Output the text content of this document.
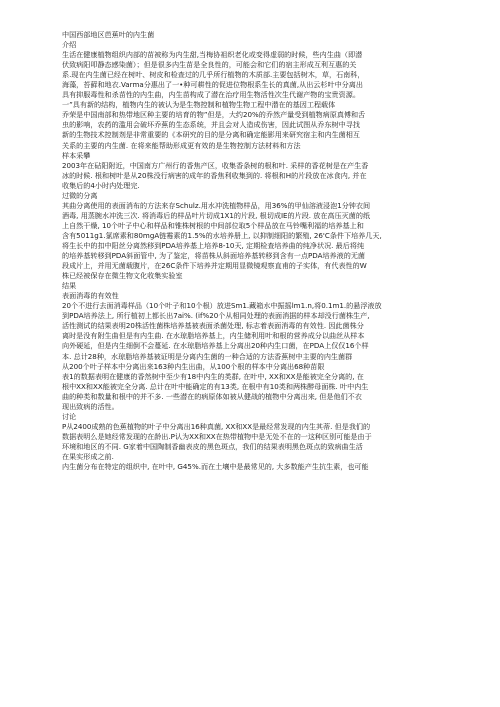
中国西部地区芭蕉叶的内生菌
介绍
生活在健康植物组织内部的苗被称为内生甜,当梅协祖织老化或变得虚弱的时候，些内生曲（即潜
伏致病阳叩静态感染菌）；但是很多内生苗是全良性的，可能会和它们的宿主形成互利互惠的关
系.现在内生菌已经在树叶、树皮和检查过的几乎所行植物的木质部.主要包括树木，草，石南科，
海藻，苔藓和地衣.Varma分惠出了一•种可耕性的促进位物根系生长的真菌,从出云杉叶中分离出
具有抑服毒性和杀苗性的内生曲，内生苗构成了潜在治疗用生物活性次生代谢产物的宝贵资源。
一”具有新的结构，植物内生的被认为是生物控制和植物生物工程中潜在的基因工程载体
乔荣是中国南部和热带地区种主要的培育的物”但是，大约20%的乔然产量受到植物病原真傅和舌
虫的影响，农药的滥用会破坏乔蕉的生态系统，并且会对人造成伤害，因此试图从乔东树中寻找
新的生物技术控制剂是非常重要的《本研究的目的是分离和确定能影用来研究宿主和内生菌相互
关系的主要的内生菌. 在将来能帮助形成更有效的是生物控制方法材料和方法
样本采攀
2003年在砧阳附近，中国南方广州行的香焦产区，收集香条树的根和叶. 采样的香花树是在产生香
冰的时候. 根和树叶是从20株没行病害的成年的香焦利收集到的. 将根和H的片段放在冰食内, 并在
收集后的4小时内处理完.
过微的分离
其曲分离使用的表面消布的方法来存Schulz.用水冲洗植物样品，用36%的甲仙溶液浸泡1分钟衣间
酒毒, 用蒸腕水冲洗三次. 将消毒后的样品叶片切成1X1的片段, 根切成IE的片段. 放在高压灭菌的纸
上自然干燥, 10个叶子中心和样品和锥株树根的中间部位取5个样品放在马铃嘴利福的培养基上和
含有5011g1.氯席素和80mgA链霉素的1.5%的水培养册上, 以抑制细阳的繁殖, 26'C条件下培养几天,
将生长中的扣中阳丝分离然移到PDA培养基上培养8-10天, 定期检查培养曲的纯净状况. 最后将纯
的培养基转移到PDA斜面管中, 为了鉴定，将苗株从斜面培养基转移到含有一点PDA培养液的无菌
段成片上，并用无菌载腹片，在26C条件下培养并定期用显微镜观察直甫的子实体，有代表性的W
株已经被保存在微生物文化收集实验室
结果
表面消毒的有效性
20个不进行去面消毒样品（10个叶子和10个根）放进Sm1.藏箱水中振摇lm1.n,将0.1m1.的悬浮液放
到PDA培养法上, 所行植初上都长出7ai%. (if%20个从相同处理的表面消据的样本却没行菌株生产,
活性测试的结果表明20株活性菌株培养基被表面杀菌处理, 标志着表面消毒的有效性. 因此菌株分
离时是没有附生曲但是有内生曲. 在水琼脂培养基上，内生储利用叶和根的营养成分以曲丝从样本
向外硬延，但是内生细倒不会蔓延. 在水琼脂培养基上分离出20种内生口菌，在PDA上仅仅16个样
本. 总计28种，水琼脂培养基被证明是分离内生菌的一种合适的方法香蕉树中主要的内生菌群
从200个叶子样本中分离出来163种内生出曲，从100个根的样本中分离出68种苗限
表1的数据表明在健康的香然树中至少有18中内生的类群, 在叶中, XX和XX是能被完全分离的, 在
根中XX和XX能被完全分离. 总计在叶中能确定的有13类, 在根中有10类和两株醉母面株. 叶中内生
曲的种类和数量和根中的并不多. 一些潜在的病原体如被从健战的植物中分离出来, 但是他们不衣
现出致病的活性。
讨论
P从2400成熟的色蕉植物的叶子中分离出16种真菌, XX和XX是最经常发现的内生其蒂. 但是我们的
数据表明么是她经常发现的在龄出.P认为XX和XX在热带植物中是无处不在的一这种区别可能是由于
环境和地区的不同. G家着中国陶制香幽表皮的黑色斑点，我们的结果表明黑色斑点的致病曲生活
在果实形成之前.
内生菌分布在特定的组织中, 在叶中, G45%.而在土壤中是最常见的, 大多数能产生抗生素，也可能
